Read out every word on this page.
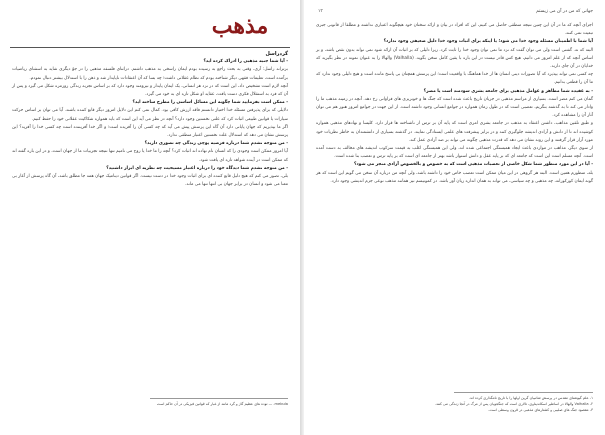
مذهب

گردراسل

- آیا شما جنبه مذهبی را ادراک کرده اید؟

برتراند راسل: آری، وقتی به بحث راجع به رسیده بودم ایمان راسخی به مذهب داشتم. دراثنای فلسفه مذهبی را در جوّ دیگری شاید به استثنای ریاضیات برآمده است، تعلیمات فقهی دیگر شناخته بودم که نظام عقلانی داشت؛ چه بسا که آن اعتقادات ناپایدار شد و ذهن را با استدلال بیشتر دنبال نمودم.

آنچه لازم است تشخیص داد، این است که در نزد هر انسانی، یک ایمان پایدار و نیرومند وجود دارد که بر اساس تجربه زندگی روزمره شکل می گیرد و پس از آن که فرد به استقلال فکری دست یافت، عقاید او شکل تازه ای به خود می گیرد.

- ممکن است بفرمایید شما چگونه این مسائل اساسی را مطرح ساخته اید؟

دلایلی که برای پذیرفتن مسئله خدا اختیار دانستم فاقد ارزش کافی بود. کمال نمی کنم این دلایل امروز دیگر قانع کننده باشند. آیا می توان بر اساس حرکت سیارات یا قوانین طبیعی اثبات کرد که علتی نخستین وجود دارد؟ آنچه در نظر می آید این است که باید همواره شکاکیت عقلانی خود را حفظ کنیم.

اگر ما بپذیریم که جهان پایانی دارد آن گاه این پرسش پیش می آید که چه کسی آن را آفریده است؛ و اگر خدا آفریننده است چه کسی خدا را آفرید؟ این پرسش نشان می دهد که استدلال علت نخستین اعتبار منطقی ندارد.

- من متوجه نشدم شما درباره فرضیه پوچی زندگی چه تصوری دارید؟

آیا امروز ممکن است وجودی را که انسان نام نهاده اند اثبات کرد؟ آنچه را ما خدا یا روح می نامیم تنها نتیجه تجربیات ما از جهان است، و در این باره گفته اند که ممکن است در آینده شواهد تازه ای یافت شود.

- من متوجه نشدم شما دیدگاه خود را درباره اعتبار مسیحیت چه نظریه ای ابراز داشتید؟

بلی، تصور می کنم که هیچ دلیل قانع کننده ای برای اثبات وجود خدا در دست نیست. اگر قوانین دینامیک جهان همه جا مطلق باشد، آن گاه پرسش از آغاز بی معنا می شود و انسان در برابر جهان بی انتها تنها می ماند.

mebula. — توده های عظیم گاز و گرد مانند از غبار که قوانین فیزیکی در آن حاکم است

جهانی که من در آن می زیستم
۱۳

اجزای آنچه که ما در آن این چنین نتیجه منطقی حاصل می کنیم، این که افراد در بیان و ارائه سخنان خود هیچگونه اعتباری نداشته و مطلقا از قانونی جبری تبعیت نمی کنند.

آیا شما با اطمینان مسئله وجود خدا می شود؛ یا اینکه برای اثبات وجود خدا دلیل ضعیفی وجود ندارد؟

البته که نه. گفتنی است ولی می توان گفت که نزد ما نمی توان وجود خدا را ثابت کرد. زیرا دلیلی که بر اثبات آن ارائه شود نمی تواند بدون نقص باشد، و بر اساس آنچه که از علم امروز می دانیم، هیچ کس قادر نیست در این باره با یقین کامل سخن بگوید. (Valhalla) والهالا را به عنوان نمونه در نظر بگیرید که خدایان در آن جای دارند.

چه کسی نمی تواند بپذیرد که آیا تصورات دینی انسان ها از خدا هماهنگ با واقعیت است؛ این پرسش همچنان بی پاسخ مانده است و هیچ دلیلی وجود ندارد که ما آن را قطعی بدانیم.

- به عقیده شما مظاهر و عوامل مذهبی برای جامعه بشری سودمند است یا مضر؟

گمان می کنم مضر است. بسیاری از مراسم مذهبی در جریان تاریخ باعث شده است که جنگ ها و خونریزی های فراوانی رخ دهد. آنچه در زمینه مذهب ما را وادار می کند تا به گذشته بنگریم، تعصبی است که در طول زمان همواره در جوامع انسانی وجود داشته است. از این جهت در جوامع امروز هنوز هم می توان آثار آن را مشاهده کرد.

و طبق تلقین مذاهب، داشتن اعتقاد به مذهب در جامعه بشری امری است که پایه آن بر ترس از ناشناخته ها قرار دارد. کلیسا و نهادهای مذهبی همواره کوشیده اند تا از دانش و آزادی اندیشه جلوگیری کنند و در برابر پیشرفت های علمی ایستادگی نمایند. در گذشته بسیاری از دانشمندان به خاطر نظریات خود مورد آزار قرار گرفتند و این روند نشان می دهد که قدرت مذهبی چگونه می تواند بر ضد آزادی عمل کند.

از سوی دیگر، مذاهب در مواردی باعث ایجاد همبستگی اجتماعی شده اند، ولی این همبستگی اغلب به قیمت سرکوب اندیشه های مخالف به دست آمده است. آنچه مسلم است این است که جامعه ای که بر پایه عقل و دانش استوار باشد بهتر از جامعه ای است که بر پایه ترس و تعصب بنا شده است.

- آیا در این مورد منظور شما شکل خاصی از تعصبات مذهبی است که به خصوص و بالخصوص آزادی منجر می شود؟

بله، منظورم همین است. البته هر گروهی در این میان ممکن است تعصب خاص خود را داشته باشد، ولی آنچه من درباره آن سخن می گویم این است که هر گونه ایمان کورکورانه، چه مذهبی و چه سیاسی، می تواند به همان اندازه زیان آور باشد. در کمونیسم نیز همانند مذهب نوعی جزم اندیشی وجود دارد.

۱- علم گیوشنای مقدس در پرسش شاتبیان گرین اولها را با تاریخ نامگذاری کرده اند.

۲- Valhalla والهالا در اساطیر اسکاندیناوی، تالاری است که جنگجویان پس از مرگ در آنجا زندگی می کنند.

۳- مقصود جنگ های صلیبی و کشتارهای مذهبی در قرون وسطی است.
